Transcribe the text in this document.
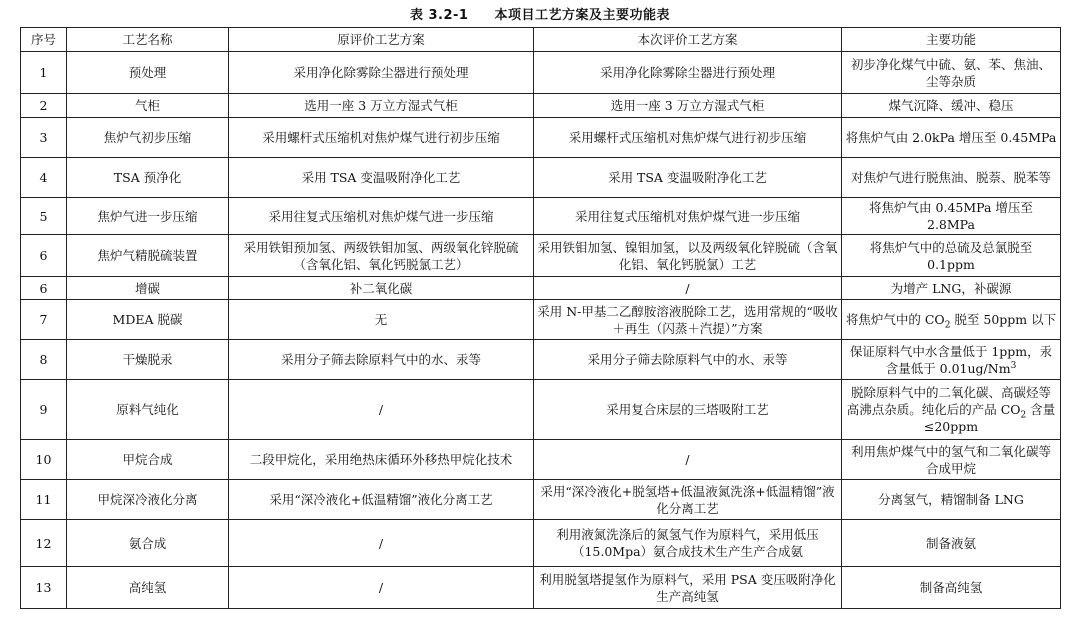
表 3.2-1 本项目工艺方案及主要功能表
序号	工艺名称	原评价工艺方案	本次评价工艺方案	主要功能
1	预处理	采用净化除雾除尘器进行预处理	采用净化除雾除尘器进行预处理	初步净化煤气中硫、氨、苯、焦油、尘等杂质
2	气柜	选用一座 3 万立方湿式气柜	选用一座 3 万立方湿式气柜	煤气沉降、缓冲、稳压
3	焦炉气初步压缩	采用螺杆式压缩机对焦炉煤气进行初步压缩	采用螺杆式压缩机对焦炉煤气进行初步压缩	将焦炉气由 2.0kPa 增压至 0.45MPa
4	TSA 预净化	采用 TSA 变温吸附净化工艺	采用 TSA 变温吸附净化工艺	对焦炉气进行脱焦油、脱萘、脱苯等
5	焦炉气进一步压缩	采用往复式压缩机对焦炉煤气进一步压缩	采用往复式压缩机对焦炉煤气进一步压缩	将焦炉气由 0.45MPa 增压至 2.8MPa
6	焦炉气精脱硫装置	采用铁钼预加氢、两级铁钼加氢、两级氧化锌脱硫（含氧化铝、氧化钙脱氯工艺）	采用铁钼加氢、镍钼加氢，以及两级氧化锌脱硫（含氧化铝、氧化钙脱氯）工艺	将焦炉气中的总硫及总氯脱至 0.1ppm
6	增碳	补二氧化碳	/	为增产 LNG，补碳源
7	MDEA 脱碳	无	采用 N-甲基二乙醇胺溶液脱除工艺，选用常规的“吸收＋再生（闪蒸＋汽提）”方案	将焦炉气中的 $CO_2$ 脱至 50ppm 以下
8	干燥脱汞	采用分子筛去除原料气中的水、汞等	采用分子筛去除原料气中的水、汞等	保证原料气中水含量低于 1ppm，汞含量低于 0.01ug/Nm$^3$
9	原料气纯化	/	采用复合床层的三塔吸附工艺	脱除原料气中的二氧化碳、高碳烃等高沸点杂质。纯化后的产品 $CO_2$ 含量≤20ppm
10	甲烷合成	二段甲烷化，采用绝热床循环外移热甲烷化技术	/	利用焦炉煤气中的氢气和二氧化碳等合成甲烷
11	甲烷深冷液化分离	采用“深冷液化+低温精馏”液化分离工艺	采用“深冷液化+脱氢塔+低温液氮洗涤+低温精馏”液化分离工艺	分离氢气，精馏制备 LNG
12	氨合成	/	利用液氮洗涤后的氮氢气作为原料气，采用低压（15.0Mpa）氨合成技术生产生产合成氨	制备液氨
13	高纯氢	/	利用脱氢塔提氢作为原料气，采用 PSA 变压吸附净化生产高纯氢	制备高纯氢
